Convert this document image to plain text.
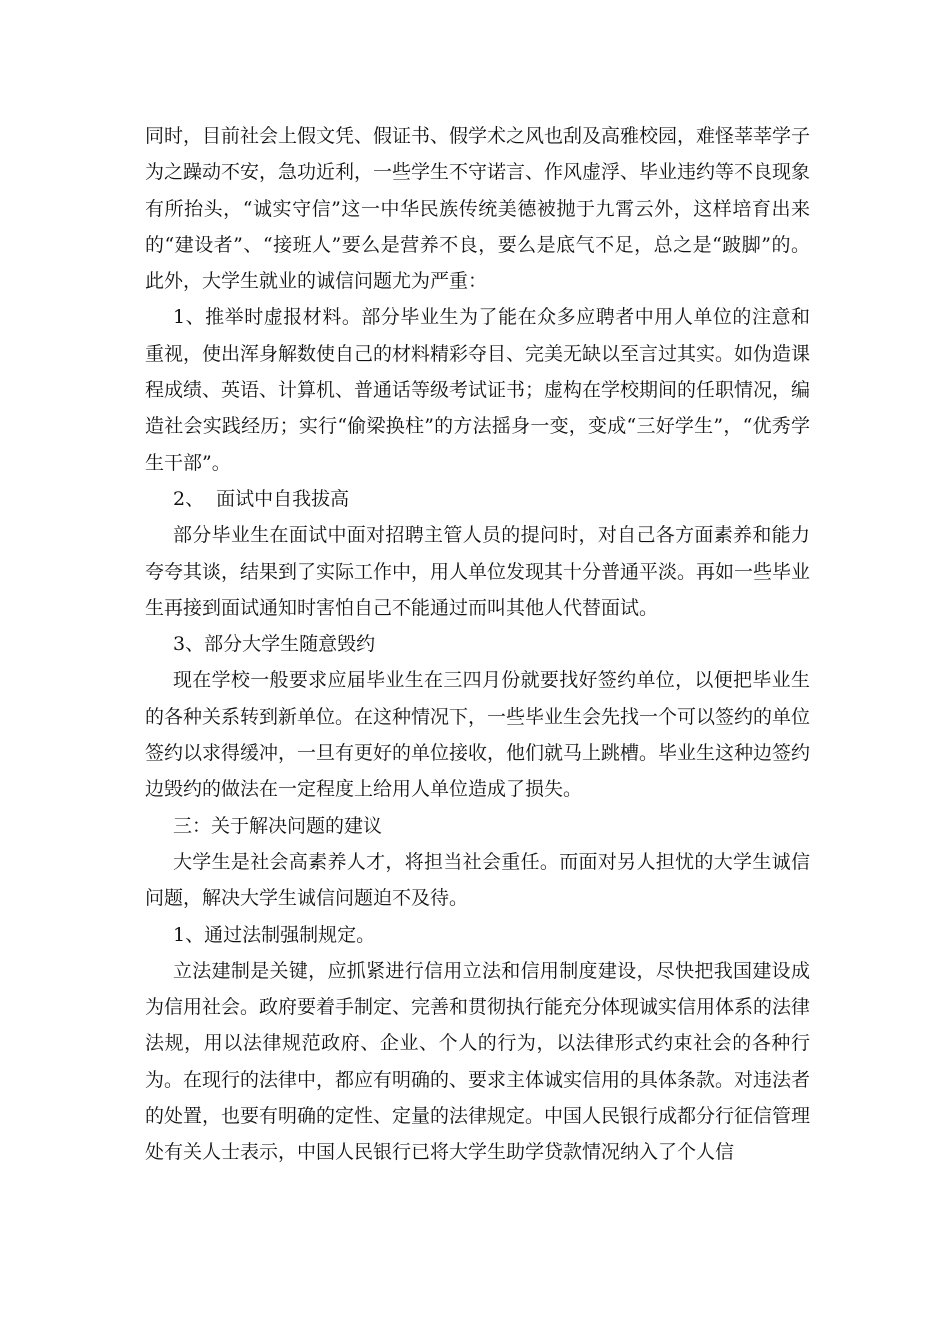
同时，目前社会上假文凭、假证书、假学术之风也刮及高雅校园，难怪莘莘学子为之躁动不安，急功近利，一些学生不守诺言、作风虚浮、毕业违约等不良现象有所抬头，“诚实守信”这一中华民族传统美德被抛于九霄云外，这样培育出来的“建设者”、“接班人”要么是营养不良，要么是底气不足，总之是“跛脚”的。此外，大学生就业的诚信问题尤为严重：

1、推举时虚报材料。部分毕业生为了能在众多应聘者中用人单位的注意和重视，使出浑身解数使自己的材料精彩夺目、完美无缺以至言过其实。如伪造课程成绩、英语、计算机、普通话等级考试证书；虚构在学校期间的任职情况，编造社会实践经历；实行“偷梁换柱”的方法摇身一变，变成“三好学生”，“优秀学生干部”。

2、  面试中自我拔高

部分毕业生在面试中面对招聘主管人员的提问时，对自己各方面素养和能力夸夸其谈，结果到了实际工作中，用人单位发现其十分普通平淡。再如一些毕业生再接到面试通知时害怕自己不能通过而叫其他人代替面试。

3、部分大学生随意毁约

现在学校一般要求应届毕业生在三四月份就要找好签约单位，以便把毕业生的各种关系转到新单位。在这种情况下，一些毕业生会先找一个可以签约的单位签约以求得缓冲，一旦有更好的单位接收，他们就马上跳槽。毕业生这种边签约边毁约的做法在一定程度上给用人单位造成了损失。

三：关于解决问题的建议

大学生是社会高素养人才，将担当社会重任。而面对另人担忧的大学生诚信问题，解决大学生诚信问题迫不及待。

1、通过法制强制规定。

立法建制是关键，应抓紧进行信用立法和信用制度建设，尽快把我国建设成为信用社会。政府要着手制定、完善和贯彻执行能充分体现诚实信用体系的法律法规，用以法律规范政府、企业、个人的行为，以法律形式约束社会的各种行为。在现行的法律中，都应有明确的、要求主体诚实信用的具体条款。对违法者的处置，也要有明确的定性、定量的法律规定。中国人民银行成都分行征信管理处有关人士表示，中国人民银行已将大学生助学贷款情况纳入了个人信
